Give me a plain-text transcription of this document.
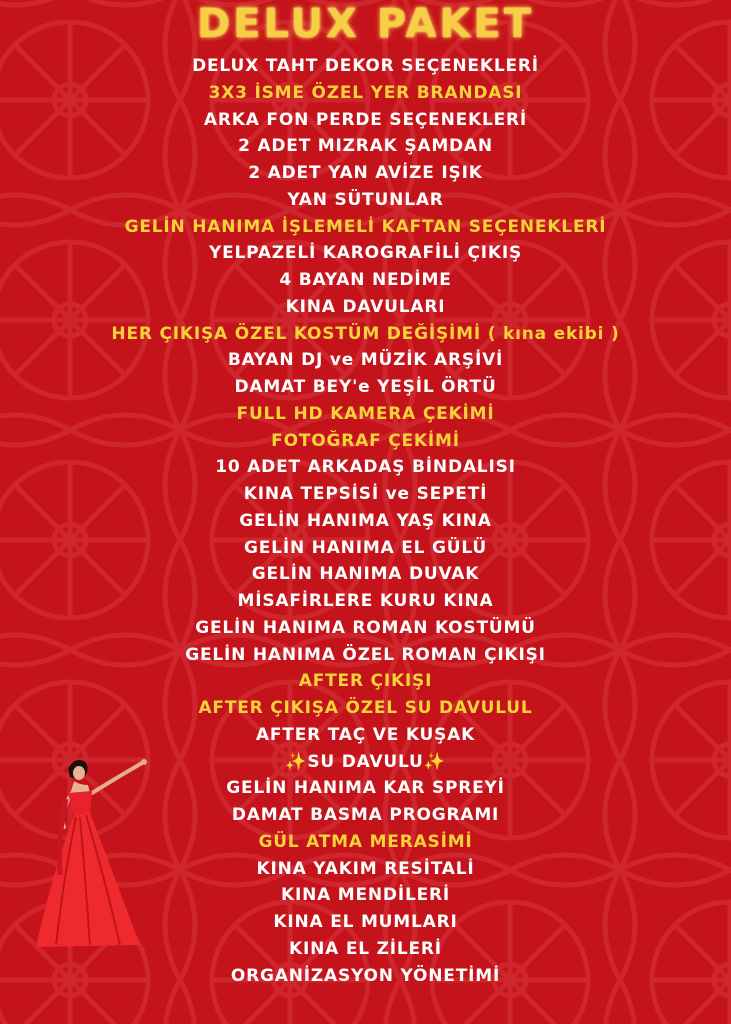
DELUX PAKET
DELUX TAHT DEKOR SEÇENEKLERİ
3X3 İSME ÖZEL YER BRANDASI
ARKA FON PERDE SEÇENEKLERİ
2 ADET MIZRAK ŞAMDAN
2 ADET YAN AVİZE IŞIK
YAN SÜTUNLAR
GELİN HANIMA İŞLEMELİ KAFTAN SEÇENEKLERİ
YELPAZELİ KAROGRAFİLİ ÇIKIŞ
4 BAYAN NEDİME
KINA DAVULARI
HER ÇIKIŞA ÖZEL KOSTÜM DEĞİŞİMİ ( kına ekibi )
BAYAN DJ ve MÜZİK ARŞİVİ
DAMAT BEY'e YEŞİL ÖRTÜ
FULL HD KAMERA ÇEKİMİ
FOTOĞRAF ÇEKİMİ
10 ADET ARKADAŞ BİNDALISI
KINA TEPSİSİ ve SEPETİ
GELİN HANIMA YAŞ KINA
GELİN HANIMA EL GÜLÜ
GELİN HANIMA DUVAK
MİSAFİRLERE KURU KINA
GELİN HANIMA ROMAN KOSTÜMÜ
GELİN HANIMA ÖZEL ROMAN ÇIKIŞI
AFTER ÇIKIŞI
AFTER ÇIKIŞA ÖZEL SU DAVULUL
AFTER TAÇ VE KUŞAK
✨SU DAVULU✨
GELİN HANIMA KAR SPREYİ
DAMAT BASMA PROGRAMI
GÜL ATMA MERASİMİ
KINA YAKIM RESİTALİ
KINA MENDİLERİ
KINA EL MUMLARI
KINA EL ZİLERİ
ORGANİZASYON YÖNETİMİ
